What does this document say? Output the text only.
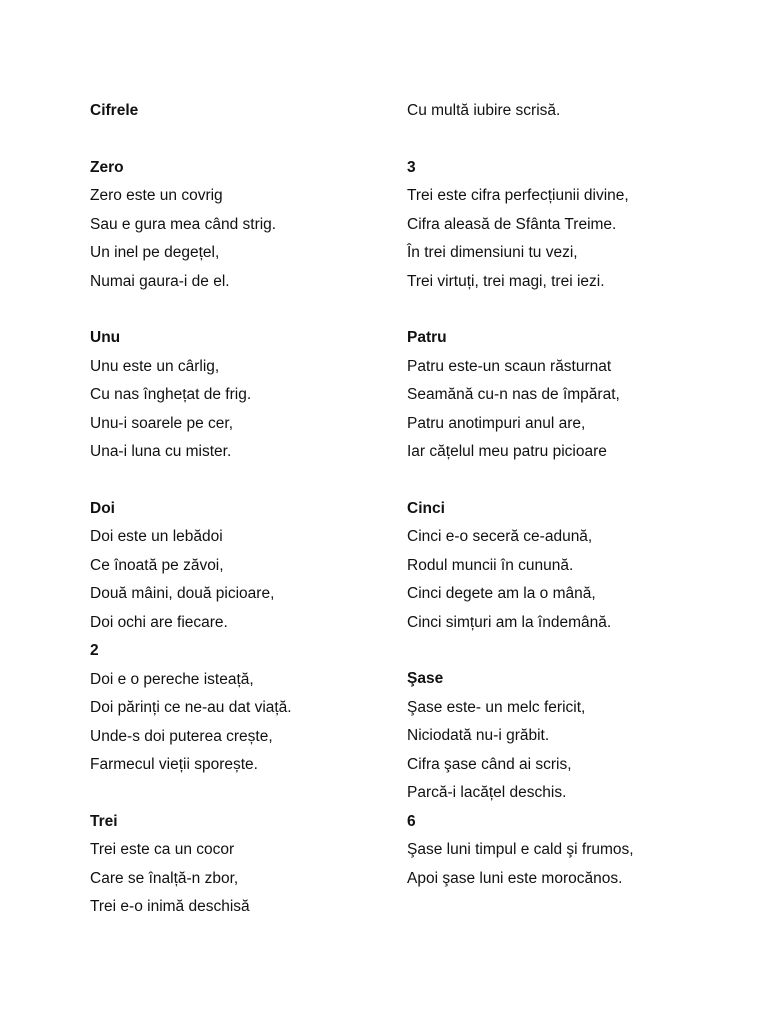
Cifrele
Zero
Zero este un covrig
Sau e gura mea când strig.
Un inel pe degețel,
Numai gaura-i de el.
Unu
Unu este un cârlig,
Cu nas înghețat de frig.
Unu-i soarele pe cer,
Una-i luna cu mister.
Doi
Doi este un lebădoi
Ce înoată pe zăvoi,
Două mâini, două picioare,
Doi ochi are fiecare.
2
Doi e o pereche isteață,
Doi părinți ce ne-au dat viață.
Unde-s doi puterea crește,
Farmecul vieții sporește.
Trei
Trei este ca un cocor
Care se înalță-n zbor,
Trei e-o inimă deschisă
Cu multă iubire scrisă.
3
Trei este cifra perfecțiunii divine,
Cifra aleasă de Sfânta Treime.
În trei dimensiuni tu vezi,
Trei virtuți, trei magi, trei iezi.
Patru
Patru este-un scaun răsturnat
Seamănă cu-n nas de împărat,
Patru anotimpuri anul are,
Iar cățelul meu patru picioare
Cinci
Cinci e-o seceră ce-adună,
Rodul muncii în cunună.
Cinci degete am la o mână,
Cinci simțuri am la îndemână.
Şase
Şase este- un melc fericit,
Niciodată nu-i grăbit.
Cifra şase când ai scris,
Parcă-i lacățel deschis.
6
Şase luni timpul e cald şi frumos,
Apoi şase luni este morocănos.
